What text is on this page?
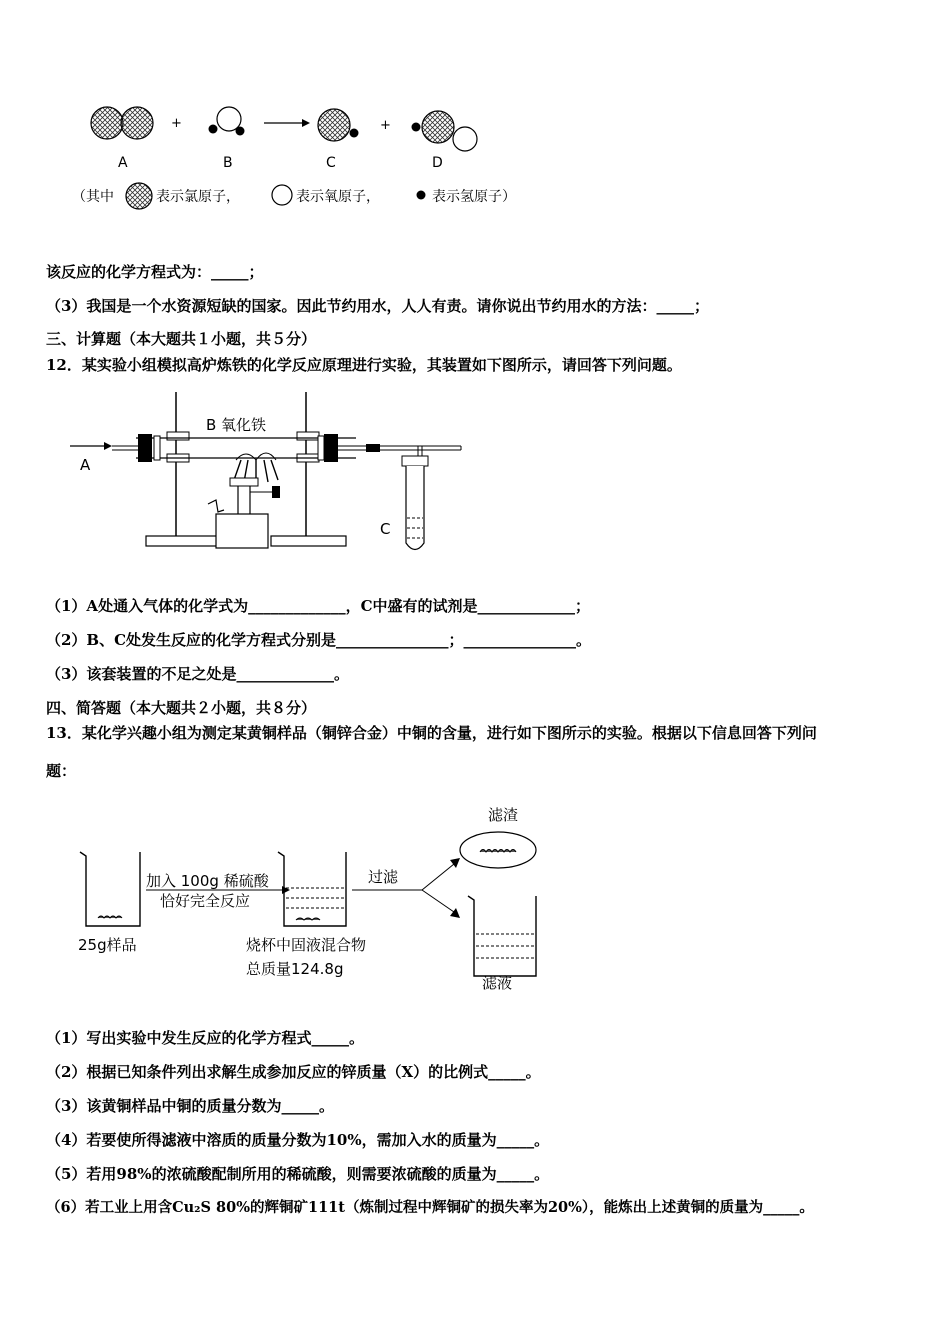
+	+
A	B	C	D
（其中	表示氯原子，	表示氧原子，	表示氢原子）
该反应的化学方程式为：_____；
（3）我国是一个水资源短缺的国家。因此节约用水，人人有责。请你说出节约用水的方法：_____；
三、计算题（本大题共１小题，共５分）
12．某实验小组模拟高炉炼铁的化学反应原理进行实验，其装置如下图所示，请回答下列问题。
A
B 氧化铁
C
（1）A处通入气体的化学式为_____________，C中盛有的试剂是_____________；
（2）B、C处发生反应的化学方程式分别是_______________；_______________。
（3）该套装置的不足之处是_____________。
四、简答题（本大题共２小题，共８分）
13．某化学兴趣小组为测定某黄铜样品（铜锌合金）中铜的含量，进行如下图所示的实验。根据以下信息回答下列问
题：
25g样品
加入 100g 稀硫酸
恰好完全反应
烧杯中固液混合物
总质量124.8g
过滤
滤渣
滤液
（1）写出实验中发生反应的化学方程式_____。
（2）根据已知条件列出求解生成参加反应的锌质量（X）的比例式_____。
（3）该黄铜样品中铜的质量分数为_____。
（4）若要使所得滤液中溶质的质量分数为10%，需加入水的质量为_____。
（5）若用98%的浓硫酸配制所用的稀硫酸，则需要浓硫酸的质量为_____。
（6）若工业上用含Cu₂S 80%的辉铜矿111t（炼制过程中辉铜矿的损失率为20%），能炼出上述黄铜的质量为_____。
